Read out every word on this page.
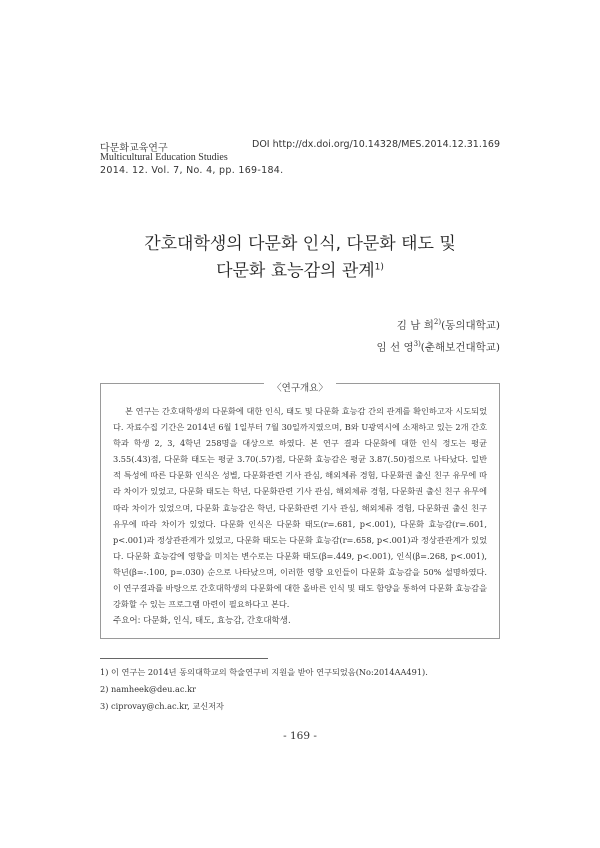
다문화교육연구
Multicultural Education Studies
2014. 12. Vol. 7, No. 4, pp. 169-184.
DOI http://dx.doi.org/10.14328/MES.2014.12.31.169
간호대학생의 다문화 인식, 다문화 태도 및
다문화 효능감의 관계$^{1)}$
김 남 희$^{2)}$(동의대학교)
임 선 영$^{3)}$(춘해보건대학교)
〈연구개요〉
본 연구는 간호대학생의 다문화에 대한 인식, 태도 및 다문화 효능감 간의 관계를 확인하고자 시도되었다. 자료수집 기간은 2014년 6월 1일부터 7월 30일까지였으며, B와 U광역시에 소재하고 있는 2개 간호학과 학생 2, 3, 4학년 258명을 대상으로 하였다. 본 연구 결과 다문화에 대한 인식 정도는 평균 3.55(.43)점, 다문화 태도는 평균 3.70(.57)점, 다문화 효능감은 평균 3.87(.50)점으로 나타났다. 일반적 특성에 따른 다문화 인식은 성별, 다문화관련 기사 관심, 해외체류 경험, 다문화권 출신 친구 유무에 따라 차이가 있었고, 다문화 태도는 학년, 다문화관련 기사 관심, 해외체류 경험, 다문화권 출신 친구 유무에 따라 차이가 있었으며, 다문화 효능감은 학년, 다문화관련 기사 관심, 해외체류 경험, 다문화권 출신 친구 유무에 따라 차이가 있었다. 다문화 인식은 다문화 태도(r=.681, p<.001), 다문화 효능감(r=.601, p<.001)과 정상관관계가 있었고, 다문화 태도는 다문화 효능감(r=.658, p<.001)과 정상관관계가 있었다. 다문화 효능감에 영향을 미치는 변수로는 다문화 태도(β=.449, p<.001), 인식(β=.268, p<.001), 학년(β=-.100, p=.030) 순으로 나타났으며, 이러한 영향 요인들이 다문화 효능감을 50% 설명하였다. 이 연구결과를 바탕으로 간호대학생의 다문화에 대한 올바른 인식 및 태도 함양을 통하여 다문화 효능감을 강화할 수 있는 프로그램 마련이 필요하다고 본다.
주요어: 다문화, 인식, 태도, 효능감, 간호대학생.
1) 이 연구는 2014년 동의대학교의 학술연구비 지원을 받아 연구되었음(No:2014AA491).
2) namheek@deu.ac.kr
3) ciprovay@ch.ac.kr, 교신저자
- 169 -
